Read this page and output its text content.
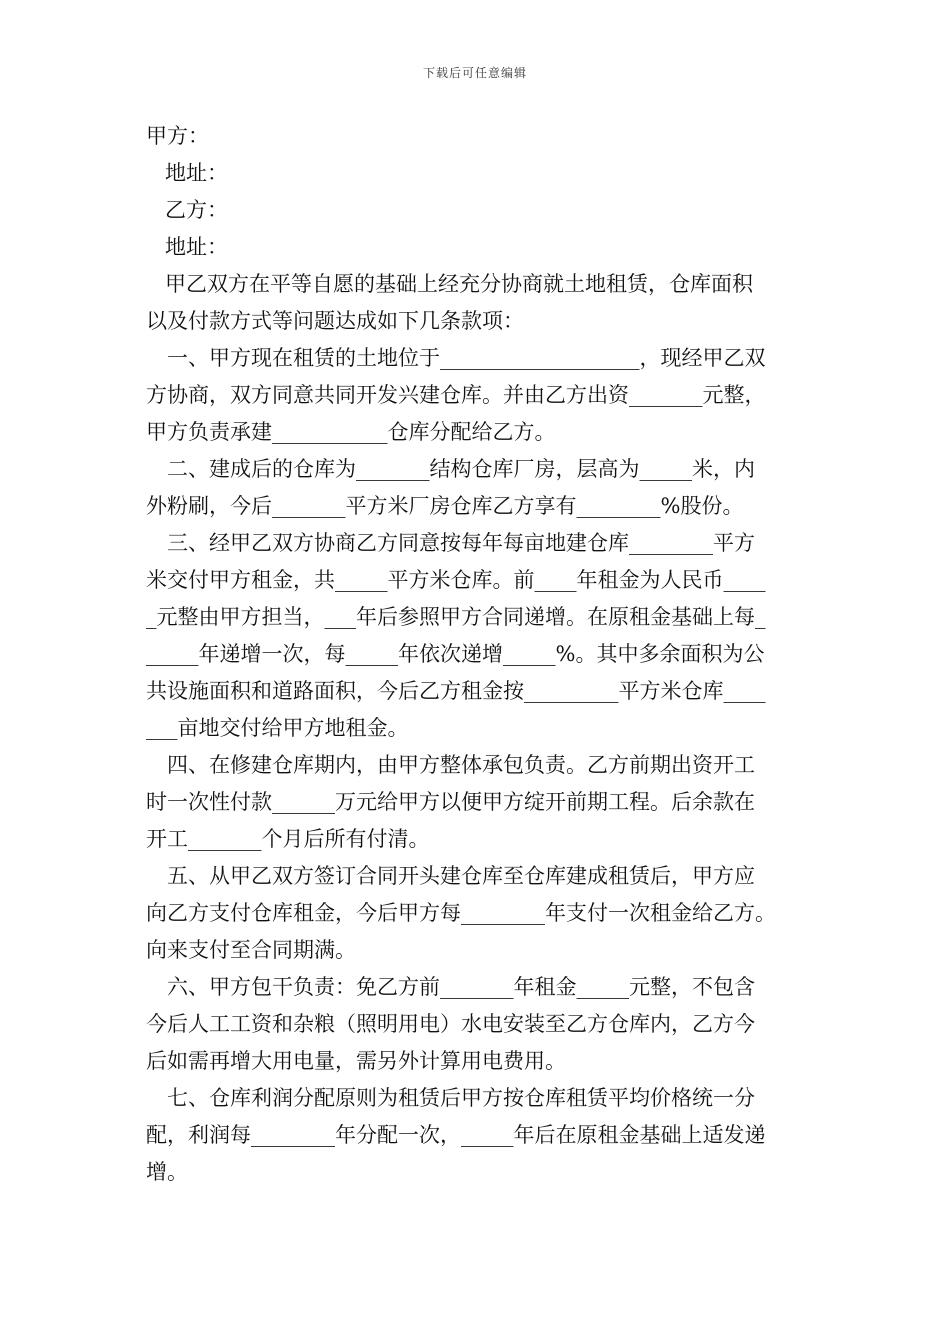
下载后可任意编辑
甲方：
地址：
乙方：
地址：
甲乙双方在平等自愿的基础上经充分协商就土地租赁，仓库面积
以及付款方式等问题达成如下几条款项：
一、甲方现在租赁的土地位于___________________，现经甲乙双
方协商，双方同意共同开发兴建仓库。并由乙方出资_______元整，
甲方负责承建___________仓库分配给乙方。
二、建成后的仓库为_______结构仓库厂房，层高为_____米，内
外粉刷，今后_______平方米厂房仓库乙方享有________%股份。
三、经甲乙双方协商乙方同意按每年每亩地建仓库________平方
米交付甲方租金，共_____平方米仓库。前____年租金为人民币____
_元整由甲方担当，___年后参照甲方合同递增。在原租金基础上每_
_____年递增一次，每_____年依次递增_____%。其中多余面积为公
共设施面积和道路面积，今后乙方租金按_________平方米仓库____
___亩地交付给甲方地租金。
四、在修建仓库期内，由甲方整体承包负责。乙方前期出资开工
时一次性付款______万元给甲方以便甲方绽开前期工程。后余款在
开工_______个月后所有付清。
五、从甲乙双方签订合同开头建仓库至仓库建成租赁后，甲方应
向乙方支付仓库租金，今后甲方每________年支付一次租金给乙方。
向来支付至合同期满。
六、甲方包干负责：免乙方前_______年租金_____元整，不包含
今后人工工资和杂粮（照明用电）水电安装至乙方仓库内，乙方今
后如需再增大用电量，需另外计算用电费用。
七、仓库利润分配原则为租赁后甲方按仓库租赁平均价格统一分
配，利润每________年分配一次，_____年后在原租金基础上适发递
增。
